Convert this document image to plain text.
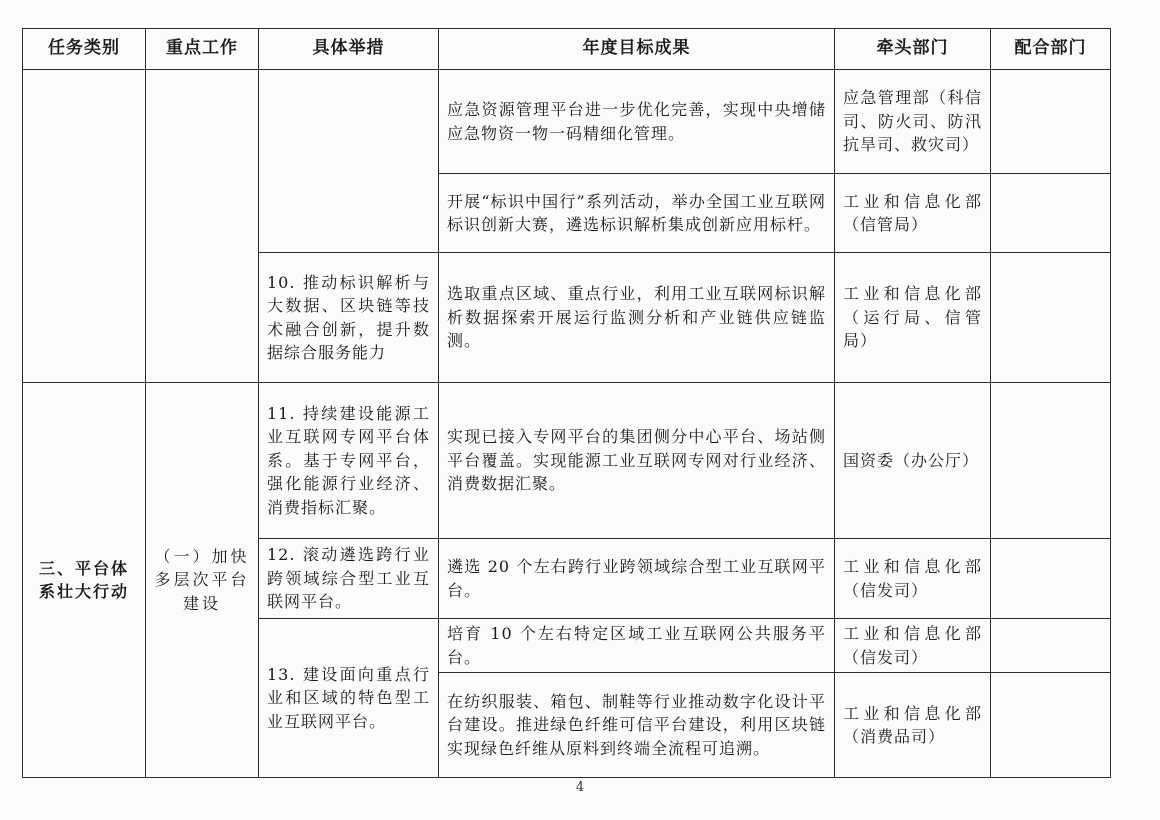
任务类别	重点工作	具体举措	年度目标成果	牵头部门	配合部门
			应急资源管理平台进一步优化完善，实现中央增储应急物资一物一码精细化管理。	应急管理部（科信司、防火司、防汛抗旱司、救灾司）	
			开展“标识中国行”系列活动，举办全国工业互联网标识创新大赛，遴选标识解析集成创新应用标杆。	工业和信息化部（信管局）	
		10. 推动标识解析与大数据、区块链等技术融合创新，提升数据综合服务能力	选取重点区域、重点行业，利用工业互联网标识解析数据探索开展运行监测分析和产业链供应链监测。	工业和信息化部（运行局、信管局）	
三、平台体系壮大行动	（一）加快多层次平台建设	11. 持续建设能源工业互联网专网平台体系。基于专网平台，强化能源行业经济、消费指标汇聚。	实现已接入专网平台的集团侧分中心平台、场站侧平台覆盖。实现能源工业互联网专网对行业经济、消费数据汇聚。	国资委（办公厅）	
		12. 滚动遴选跨行业跨领域综合型工业互联网平台。	遴选 20 个左右跨行业跨领域综合型工业互联网平台。	工业和信息化部（信发司）	
		13. 建设面向重点行业和区域的特色型工业互联网平台。	培育 10 个左右特定区域工业互联网公共服务平台。	工业和信息化部（信发司）	
			在纺织服装、箱包、制鞋等行业推动数字化设计平台建设。推进绿色纤维可信平台建设，利用区块链实现绿色纤维从原料到终端全流程可追溯。	工业和信息化部（消费品司）	
4
